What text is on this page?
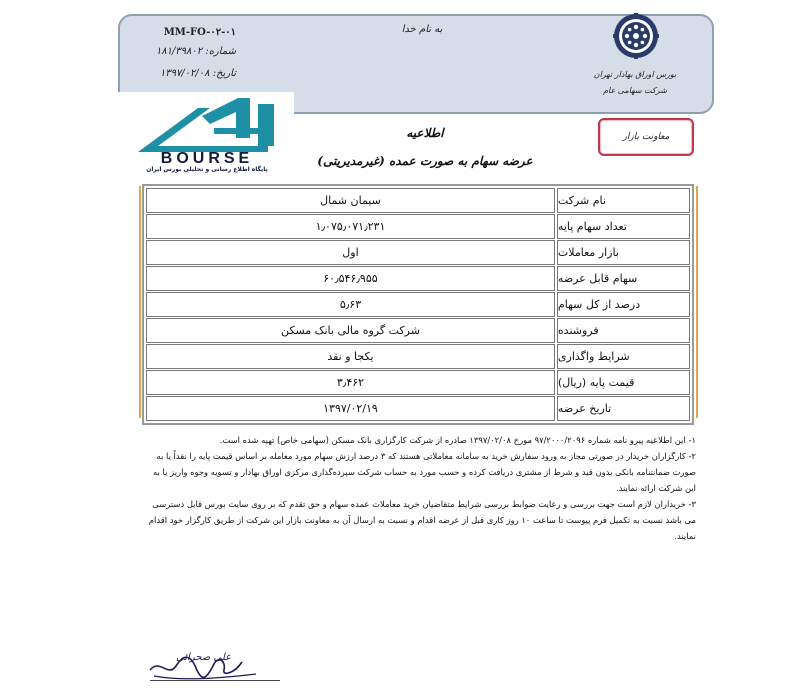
به نام خدا
MM-FO-۰۲-۰۱
شماره: ۱۸۱/۳۹۸۰۲
تاریخ: ۱۳۹۷/۰۲/۰۸	بورس اوراق بهادار تهران
شرکت سهامی عام
BOURSE
پایگاه اطلاع رسانی و تحلیلی بورس ایران
معاونت بازار
اطلاعیه
عرضه سهام به صورت عمده (غیرمدیریتی)
سیمان شمال	نام شرکت
۱٫۰۷۵٫۰۷۱٫۲۳۱	تعداد سهام پایه
اول	بازار معاملات
۶۰٫۵۴۶٫۹۵۵	سهام قابل عرضه
۵٫۶۳	درصد از کل سهام
شرکت گروه مالی بانک مسکن	فروشنده
یکجا و نقد	شرایط واگذاری
۳٫۴۶۲	قیمت پایه (ریال)
۱۳۹۷/۰۲/۱۹	تاریخ عرضه

۱- این اطلاعیه پیرو نامه شماره ۹۷/۲۰۰۰/۲۰۹۶ مورخ ۱۳۹۷/۰۲/۰۸ صادره از شرکت کارگزاری بانک مسکن (سهامی خاص) تهیه شده است.

۲- کارگزاران خریدار در صورتی مجاز به ورود سفارش خرید به سامانه معاملاتی هستند که ۳ درصد ارزش سهام مورد معامله بر اساس قیمت پایه را نقداً یا به صورت ضمانتنامه بانکی بدون قید و شرط از مشتری دریافت کرده و حسب مورد به حساب شرکت سپرده‌گذاری مرکزی اوراق بهادار و تسویه وجوه واریز یا به این شرکت ارائه نمایند.

۳- خریداران لازم است جهت بررسی و رعایت ضوابط بررسی شرایط متقاضیان خرید معاملات عمده سهام و حق تقدم که بر روی سایت بورس قابل دسترسی می باشد نسبت به تکمیل فرم پیوست تا ساعت ۱۰ روز کاری قبل از عرضه اقدام و نسبت به ارسال آن به معاونت بازار این شرکت از طریق کارگزار خود اقدام نمایند.

علی صحرائی
